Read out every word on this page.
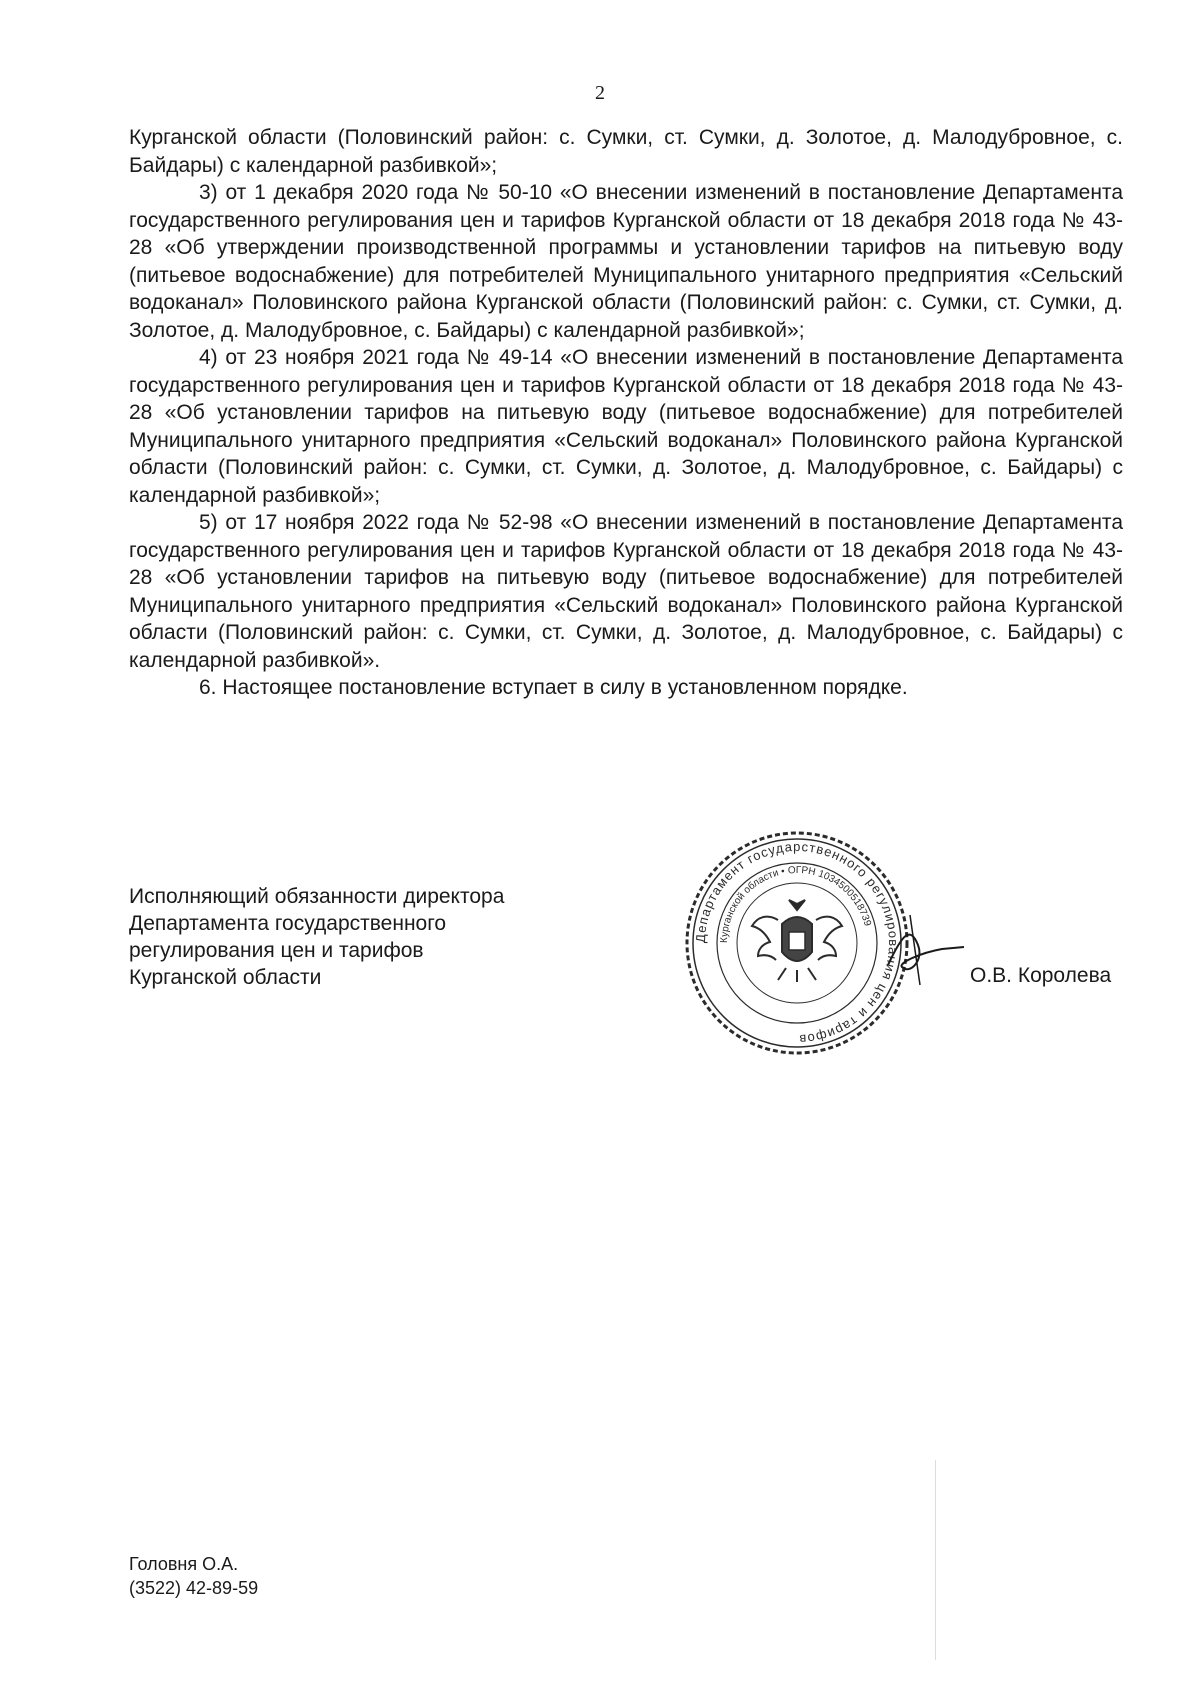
2

Курганской области (Половинский район: с. Сумки, ст. Сумки, д. Золотое, д. Малодубровное, с. Байдары) с календарной разбивкой»;

3) от 1 декабря 2020 года № 50-10 «О внесении изменений в постановление Департамента государственного регулирования цен и тарифов Курганской области от 18 декабря 2018 года № 43-28 «Об утверждении производственной программы и установлении тарифов на питьевую воду (питьевое водоснабжение) для потребителей Муниципального унитарного предприятия «Сельский водоканал» Половинского района Курганской области (Половинский район: с. Сумки, ст. Сумки, д. Золотое, д. Малодубровное, с. Байдары) с календарной разбивкой»;

4) от 23 ноября 2021 года № 49-14 «О внесении изменений в постановление Департамента государственного регулирования цен и тарифов Курганской области от 18 декабря 2018 года № 43-28 «Об установлении тарифов на питьевую воду (питьевое водоснабжение) для потребителей Муниципального унитарного предприятия «Сельский водоканал» Половинского района Курганской области (Половинский район: с. Сумки, ст. Сумки, д. Золотое, д. Малодубровное, с. Байдары) с календарной разбивкой»;

5) от 17 ноября 2022 года № 52-98 «О внесении изменений в постановление Департамента государственного регулирования цен и тарифов Курганской области от 18 декабря 2018 года № 43-28 «Об установлении тарифов на питьевую воду (питьевое водоснабжение) для потребителей Муниципального унитарного предприятия «Сельский водоканал» Половинского района Курганской области (Половинский район: с. Сумки, ст. Сумки, д. Золотое, д. Малодубровное, с. Байдары) с календарной разбивкой».

6. Настоящее постановление вступает в силу в установленном порядке.

Исполняющий обязанности директора
Департамента государственного
регулирования цен и тарифов
Курганской области
Департамент государственного регулирования цен и тарифов
Курганской области • ОГРН 1034500518739
О.В. Королева
Головня О.А.
(3522) 42-89-59
